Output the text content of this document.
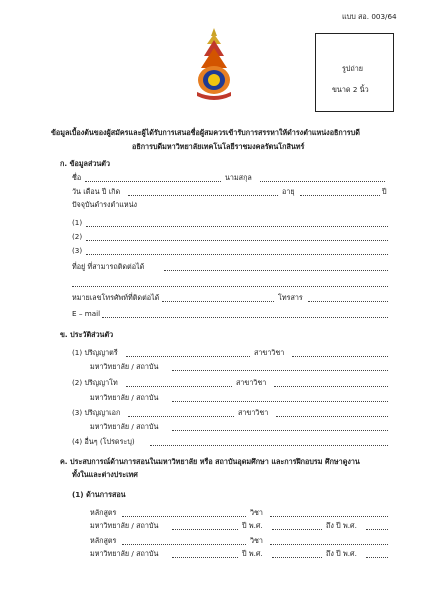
แบบ สอ. 003/64
รูปถ่าย
ขนาด 2 นิ้ว
ข้อมูลเบื้องต้นของผู้สมัครและผู้ได้รับการเสนอชื่อผู้สมควรเข้ารับการสรรหาให้ดำรงตำแหน่งอธิการบดี
อธิการบดีมหาวิทยาลัยเทคโนโลยีราชมงคลรัตนโกสินทร์
ก. ข้อมูลส่วนตัว
ชื่อ	นามสกุล
วัน เดือน ปี เกิด	อายุ	ปี
ปัจจุบันดำรงตำแหน่ง
(1)
(2)
(3)
ที่อยู่ ที่สามารถติดต่อได้
หมายเลขโทรศัพท์ที่ติดต่อได้	โทรสาร
E – mail
ข. ประวัติส่วนตัว
(1) ปริญญาตรี	สาขาวิชา
มหาวิทยาลัย / สถาบัน
(2) ปริญญาโท	สาขาวิชา
มหาวิทยาลัย / สถาบัน
(3) ปริญญาเอก	สาขาวิชา
มหาวิทยาลัย / สถาบัน
(4) อื่นๆ (โปรดระบุ)
ค. ประสบการณ์ด้านการสอนในมหาวิทยาลัย หรือ สถาบันอุดมศึกษา และการฝึกอบรม ศึกษาดูงาน
ทั้งในและต่างประเทศ
(1) ด้านการสอน
หลักสูตร	วิชา
มหาวิทยาลัย / สถาบัน	ปี พ.ศ.	ถึง ปี พ.ศ.
หลักสูตร	วิชา
มหาวิทยาลัย / สถาบัน	ปี พ.ศ.	ถึง ปี พ.ศ.
